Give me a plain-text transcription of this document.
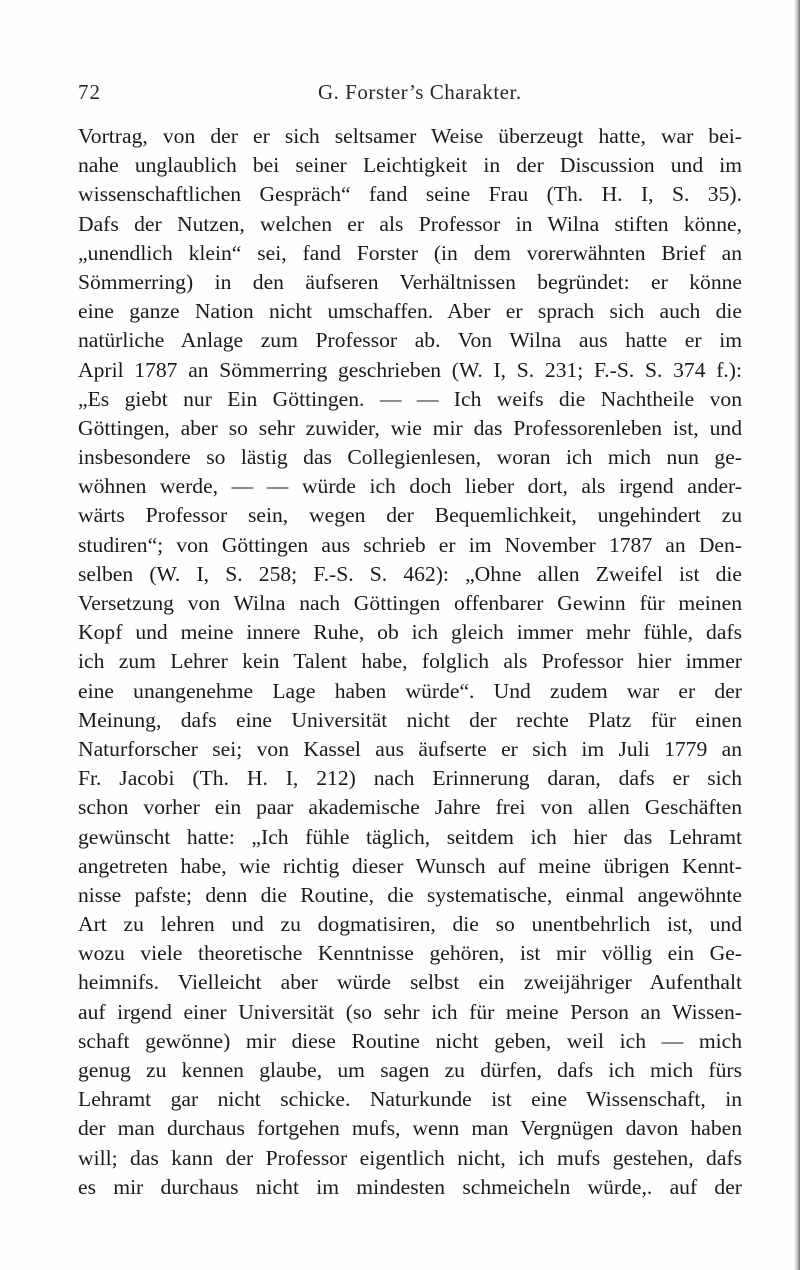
72	G. Forster’s Charakter.
Vortrag, von der er sich seltsamer Weise überzeugt hatte, war bei-
nahe unglaublich bei seiner Leichtigkeit in der Discussion und im
wissenschaftlichen Gespräch“ fand seine Frau (Th. H. I, S. 35).
Dafs der Nutzen, welchen er als Professor in Wilna stiften könne,
„unendlich klein“ sei, fand Forster (in dem vorerwähnten Brief an
Sömmerring) in den äufseren Verhältnissen begründet: er könne
eine ganze Nation nicht umschaffen. Aber er sprach sich auch die
natürliche Anlage zum Professor ab. Von Wilna aus hatte er im
April 1787 an Sömmerring geschrieben (W. I, S. 231; F.-S. S. 374 f.):
„Es giebt nur Ein Göttingen. — — Ich weifs die Nachtheile von
Göttingen, aber so sehr zuwider, wie mir das Professorenleben ist, und
insbesondere so lästig das Collegienlesen, woran ich mich nun ge-
wöhnen werde, — — würde ich doch lieber dort, als irgend ander-
wärts Professor sein, wegen der Bequemlichkeit, ungehindert zu
studiren“; von Göttingen aus schrieb er im November 1787 an Den-
selben (W. I, S. 258; F.-S. S. 462): „Ohne allen Zweifel ist die
Versetzung von Wilna nach Göttingen offenbarer Gewinn für meinen
Kopf und meine innere Ruhe, ob ich gleich immer mehr fühle, dafs
ich zum Lehrer kein Talent habe, folglich als Professor hier immer
eine unangenehme Lage haben würde“. Und zudem war er der
Meinung, dafs eine Universität nicht der rechte Platz für einen
Naturforscher sei; von Kassel aus äufserte er sich im Juli 1779 an
Fr. Jacobi (Th. H. I, 212) nach Erinnerung daran, dafs er sich
schon vorher ein paar akademische Jahre frei von allen Geschäften
gewünscht hatte: „Ich fühle täglich, seitdem ich hier das Lehramt
angetreten habe, wie richtig dieser Wunsch auf meine übrigen Kennt-
nisse pafste; denn die Routine, die systematische, einmal angewöhnte
Art zu lehren und zu dogmatisiren, die so unentbehrlich ist, und
wozu viele theoretische Kenntnisse gehören, ist mir völlig ein Ge-
heimnifs. Vielleicht aber würde selbst ein zweijähriger Aufenthalt
auf irgend einer Universität (so sehr ich für meine Person an Wissen-
schaft gewönne) mir diese Routine nicht geben, weil ich — mich
genug zu kennen glaube, um sagen zu dürfen, dafs ich mich fürs
Lehramt gar nicht schicke. Naturkunde ist eine Wissenschaft, in
der man durchaus fortgehen mufs, wenn man Vergnügen davon haben
will; das kann der Professor eigentlich nicht, ich mufs gestehen, dafs
es mir durchaus nicht im mindesten schmeicheln würde,. auf der
